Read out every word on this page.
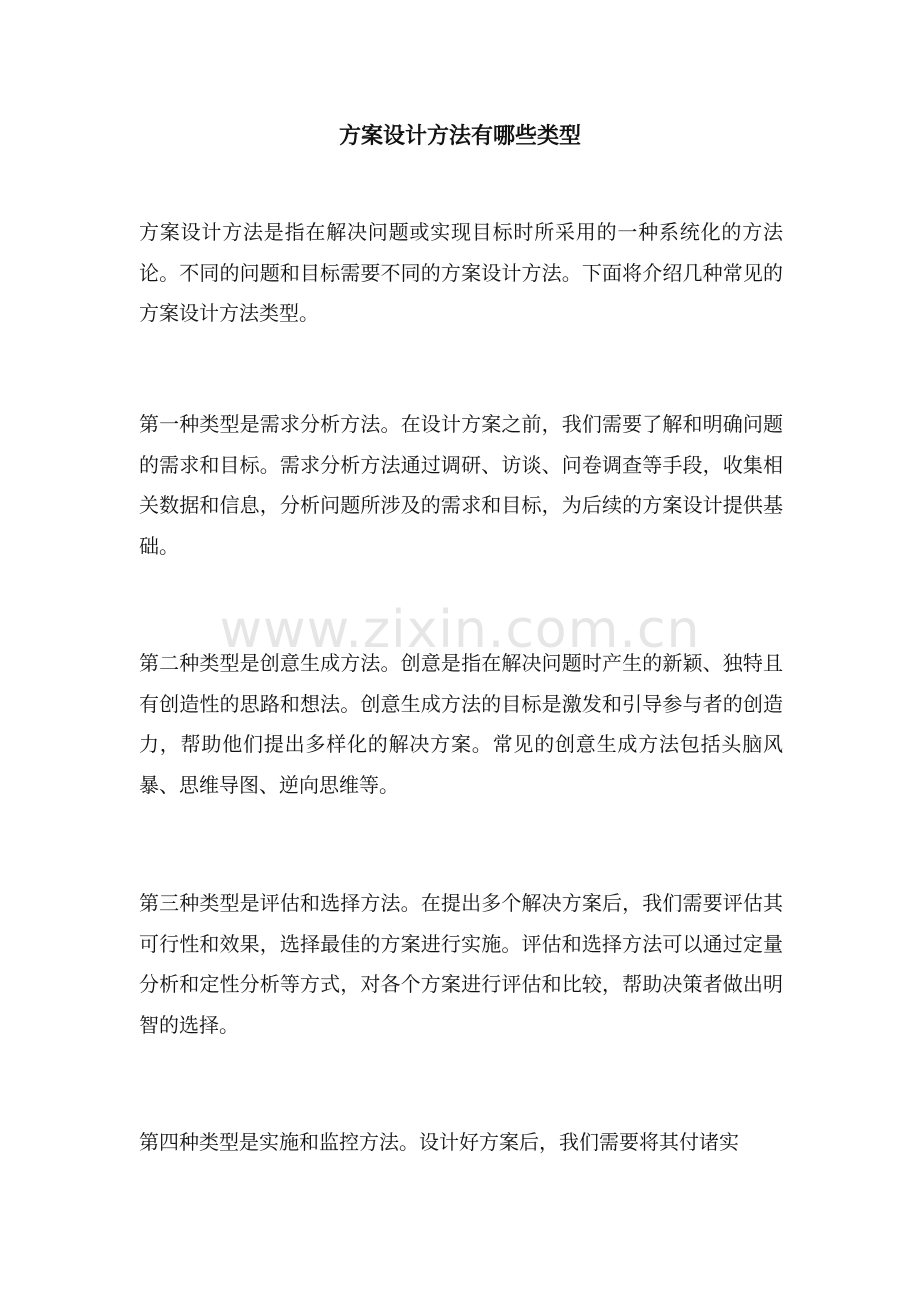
方案设计方法有哪些类型

方案设计方法是指在解决问题或实现目标时所采用的一种系统化的方法论。不同的问题和目标需要不同的方案设计方法。下面将介绍几种常见的方案设计方法类型。

第一种类型是需求分析方法。在设计方案之前，我们需要了解和明确问题的需求和目标。需求分析方法通过调研、访谈、问卷调查等手段，收集相关数据和信息，分析问题所涉及的需求和目标，为后续的方案设计提供基础。

第二种类型是创意生成方法。创意是指在解决问题时产生的新颖、独特且有创造性的思路和想法。创意生成方法的目标是激发和引导参与者的创造力，帮助他们提出多样化的解决方案。常见的创意生成方法包括头脑风暴、思维导图、逆向思维等。

第三种类型是评估和选择方法。在提出多个解决方案后，我们需要评估其可行性和效果，选择最佳的方案进行实施。评估和选择方法可以通过定量分析和定性分析等方式，对各个方案进行评估和比较，帮助决策者做出明智的选择。

第四种类型是实施和监控方法。设计好方案后，我们需要将其付诸实

www.zixin.com.cn
